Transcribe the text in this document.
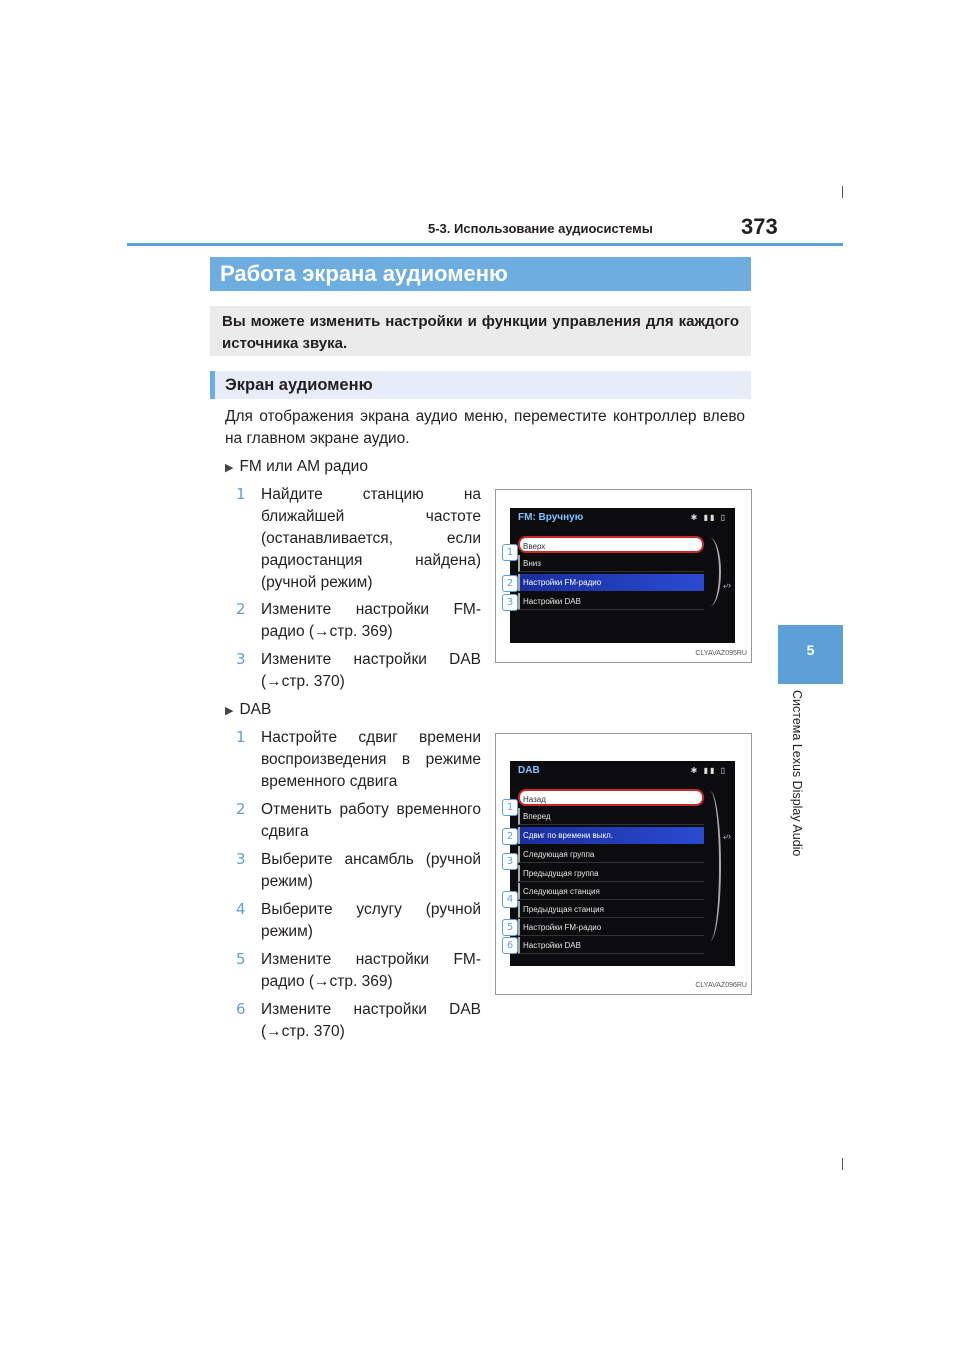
5-3. Использование аудиосистемы	373
5
Система Lexus Display Audio
Работа экрана аудиоменю
Вы можете изменить настройки и функции управления для каждого источника звука.
Экран аудиоменю
Для отображения экрана аудио меню, переместите контроллер влево на главном экране аудио.
▶ FM или AM радио
1 Найдите станцию на ближайшей частоте (останавливается, если радиостанция найдена) (ручной режим)
2 Измените настройки FM-радио (→стр. 369)
3 Измените настройки DAB (→стр. 370)
FM: Вручную	✱ ▮▮ ▯
Вверх
Вниз
Настройки FM-радио
Настройки DAB
⤶›
1
2
3
CLYAVAZ095RU
▶ DAB
1 Настройте сдвиг времени воспроизведения в режиме временного сдвига
2 Отменить работу временного сдвига
3 Выберите ансамбль (ручной режим)
4 Выберите услугу (ручной режим)
5 Измените настройки FM-радио (→стр. 369)
6 Измените настройки DAB (→стр. 370)
DAB	✱ ▮▮ ▯
Назад
Вперед
Сдвиг по времени выкл.
Следующая группа
Предыдущая группа
Следующая станция
Предыдущая станция
Настройки FM-радио
Настройки DAB
⤶›
1
2
3
4
5
6
CLYAVAZ096RU
